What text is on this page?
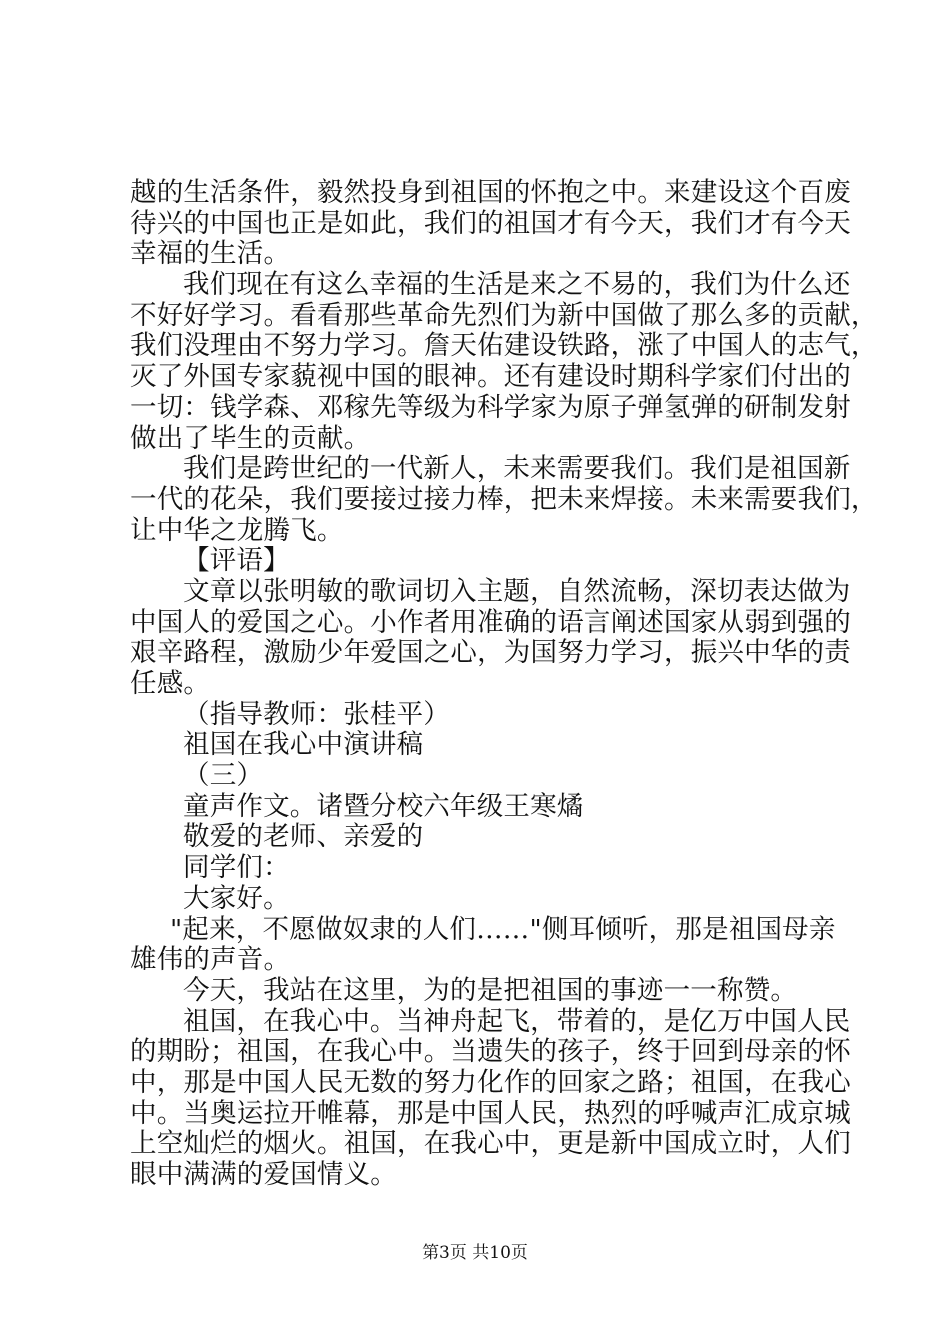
越的生活条件，毅然投身到祖国的怀抱之中。来建设这个百废
待兴的中国也正是如此，我们的祖国才有今天，我们才有今天
幸福的生活。
我们现在有这么幸福的生活是来之不易的，我们为什么还
不好好学习。看看那些革命先烈们为新中国做了那么多的贡献，
我们没理由不努力学习。詹天佑建设铁路，涨了中国人的志气，
灭了外国专家藐视中国的眼神。还有建设时期科学家们付出的
一切：钱学森、邓稼先等级为科学家为原子弹氢弹的研制发射
做出了毕生的贡献。
我们是跨世纪的一代新人，未来需要我们。我们是祖国新
一代的花朵，我们要接过接力棒，把未来焊接。未来需要我们，
让中华之龙腾飞。
【评语】
文章以张明敏的歌词切入主题，自然流畅，深切表达做为
中国人的爱国之心。小作者用准确的语言阐述国家从弱到强的
艰辛路程，激励少年爱国之心，为国努力学习，振兴中华的责
任感。
（指导教师：张桂平）
祖国在我心中演讲稿
（三）
童声作文。诸暨分校六年级王寒燏
敬爱的老师、亲爱的
同学们：
大家好。
"起来，不愿做奴隶的人们……"侧耳倾听，那是祖国母亲
雄伟的声音。
今天，我站在这里，为的是把祖国的事迹一一称赞。
祖国，在我心中。当神舟起飞，带着的，是亿万中国人民
的期盼；祖国，在我心中。当遗失的孩子，终于回到母亲的怀
中，那是中国人民无数的努力化作的回家之路；祖国，在我心
中。当奥运拉开帷幕，那是中国人民，热烈的呼喊声汇成京城
上空灿烂的烟火。祖国，在我心中，更是新中国成立时，人们
眼中满满的爱国情义。
第3页 共10页
